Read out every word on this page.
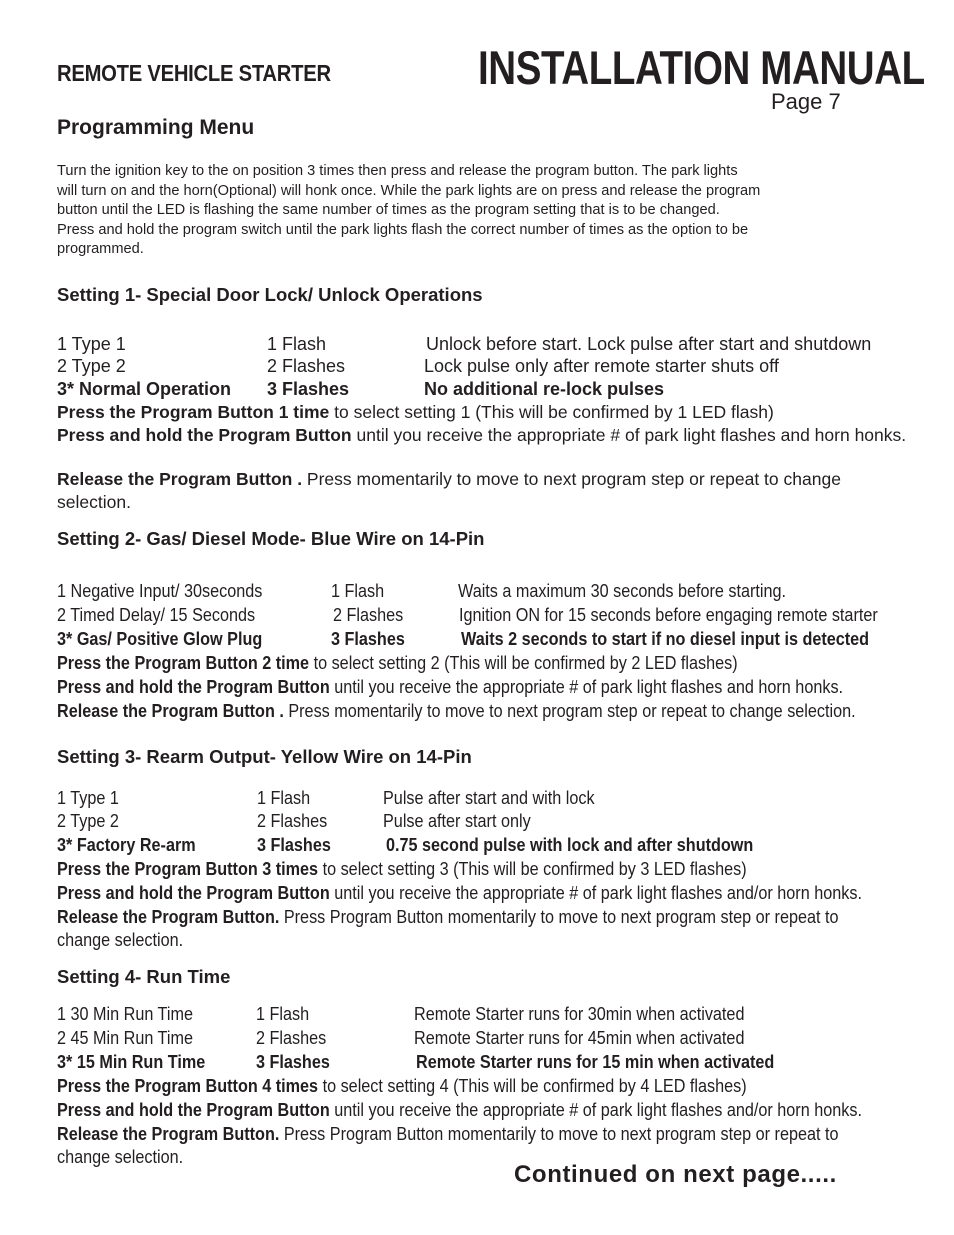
REMOTE VEHICLE STARTER	INSTALLATION MANUAL
Page 7
Programming Menu
Turn the ignition key to the on position 3 times then press and release the program button. The park lights
will turn on and the horn(Optional) will honk once. While the park lights are on press and release the program
button until the LED is flashing the same number of times as the program setting that is to be changed.
Press and hold the program switch until the park lights flash the correct number of times as the option to be
programmed.
Setting 1- Special Door Lock/ Unlock Operations
1 Type 1	1 Flash	Unlock before start. Lock pulse after start and shutdown
2 Type 2	2 Flashes	Lock pulse only after remote starter shuts off
3* Normal Operation 3 Flashes	No additional re-lock pulses
Press the Program Button 1 time to select setting 1 (This will be confirmed by 1 LED flash)
Press and hold the Program Button until you receive the appropriate # of park light flashes and horn honks.
Release the Program Button . Press momentarily to move to next program step or repeat to change selection.
Setting 2- Gas/ Diesel Mode- Blue Wire on 14-Pin
1 Negative Input/ 30seconds	1 Flash	Waits a maximum 30 seconds before starting.
2 Timed Delay/ 15 Seconds	2 Flashes	Ignition ON for 15 seconds before engaging remote starter
3* Gas/ Positive Glow Plug	3 Flashes	Waits 2 seconds to start if no diesel input is detected
Press the Program Button 2 time to select setting 2 (This will be confirmed by 2 LED flashes)
Press and hold the Program Button until you receive the appropriate # of park light flashes and horn honks.
Release the Program Button . Press momentarily to move to next program step or repeat to change selection.
Setting 3- Rearm Output- Yellow Wire on 14-Pin
1 Type 1	1 Flash	Pulse after start and with lock
2 Type 2	2 Flashes	Pulse after start only
3* Factory Re-arm	3 Flashes	0.75 second pulse with lock and after shutdown
Press the Program Button 3 times to select setting 3 (This will be confirmed by 3 LED flashes)
Press and hold the Program Button until you receive the appropriate # of park light flashes and/or horn honks.
Release the Program Button. Press Program Button momentarily to move to next program step or repeat to
change selection.
Setting 4- Run Time
1 30 Min Run Time	1 Flash	Remote Starter runs for 30min when activated
2 45 Min Run Time	2 Flashes	Remote Starter runs for 45min when activated
3* 15 Min Run Time	3 Flashes	Remote Starter runs for 15 min when activated
Press the Program Button 4 times to select setting 4 (This will be confirmed by 4 LED flashes)
Press and hold the Program Button until you receive the appropriate # of park light flashes and/or horn honks.
Release the Program Button. Press Program Button momentarily to move to next program step or repeat to
change selection.
Continued on next page.....
